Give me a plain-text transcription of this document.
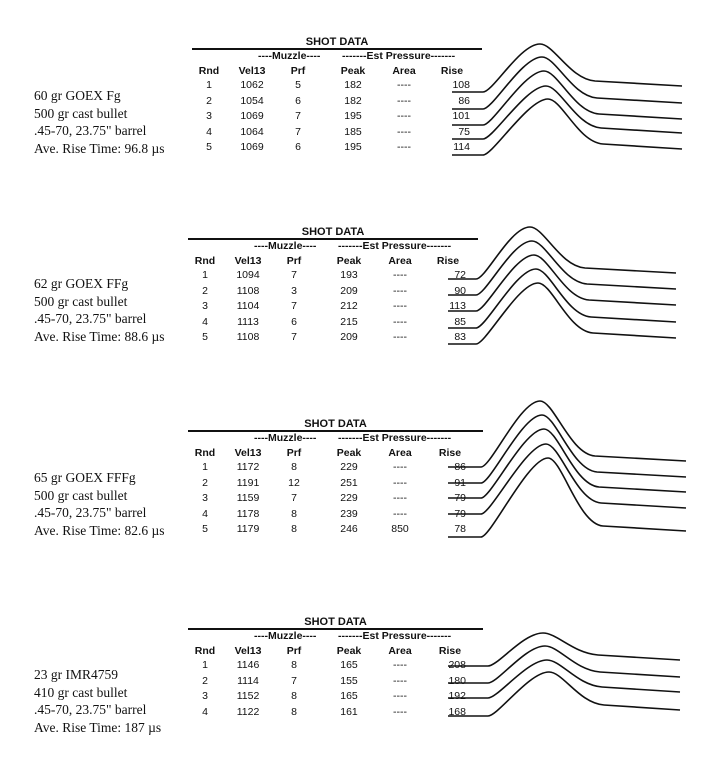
60 gr GOEX Fg
500 gr cast bullet
.45-70, 23.75" barrel
Ave. Rise Time: 96.8 µs
SHOT DATA
----Muzzle---- -------Est Pressure-------
Rnd	Vel13	Prf	Peak	Area	Rise
1	1062	5	182	----	108
2	1054	6	182	----	86
3	1069	7	195	----	101
4	1064	7	185	----	75
5	1069	6	195	----	114
62 gr GOEX FFg
500 gr cast bullet
.45-70, 23.75" barrel
Ave. Rise Time: 88.6 µs
SHOT DATA
----Muzzle---- -------Est Pressure-------
Rnd	Vel13	Prf	Peak	Area	Rise
1	1094	7	193	----	72
2	1108	3	209	----	90
3	1104	7	212	----	113
4	1113	6	215	----	85
5	1108	7	209	----	83
65 gr GOEX FFFg
500 gr cast bullet
.45-70, 23.75" barrel
Ave. Rise Time: 82.6 µs
SHOT DATA
----Muzzle---- -------Est Pressure-------
Rnd	Vel13	Prf	Peak	Area	Rise
1	1172	8	229	----	86
2	1191	12	251	----	91
3	1159	7	229	----	79
4	1178	8	239	----	79
5	1179	8	246	850	78
23 gr IMR4759
410 gr cast bullet
.45-70, 23.75" barrel
Ave. Rise Time: 187 µs
SHOT DATA
----Muzzle---- -------Est Pressure-------
Rnd	Vel13	Prf	Peak	Area	Rise
1	1146	8	165	----	208
2	1114	7	155	----	180
3	1152	8	165	----	192
4	1122	8	161	----	168
